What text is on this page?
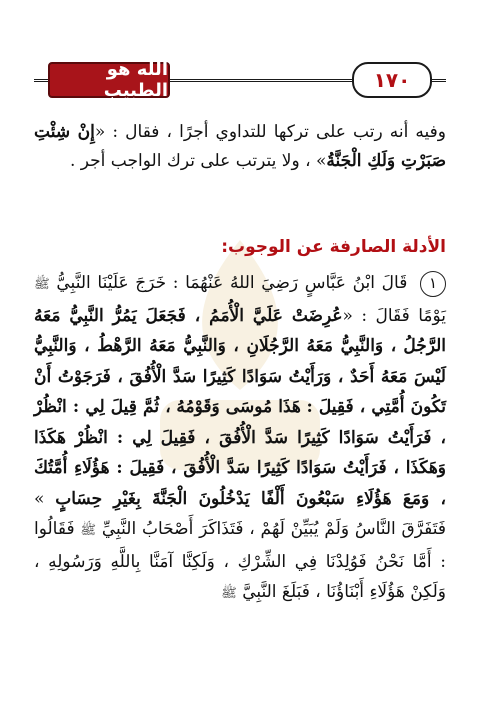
١٧٠
الله هو الطبيب

وفيه أنه رتب على تركها للتداوي أجرًا ، فقال : «إِنْ شِئْتِ صَبَرْتِ وَلَكِ الْجَنَّةُ» ، ولا يترتب على ترك الواجب أجر .

الأدلة الصارفة عن الوجوب:

١ قَالَ ابْنُ عَبَّاسٍ رَضِيَ اللهُ عَنْهُمَا : خَرَجَ عَلَيْنَا النَّبِيُّ ﷺ يَوْمًا فَقَالَ : «عُرِضَتْ عَلَيَّ الْأُمَمُ ، فَجَعَلَ يَمُرُّ النَّبِيُّ مَعَهُ الرَّجُلُ ، وَالنَّبِيُّ مَعَهُ الرَّجُلَانِ ، وَالنَّبِيُّ مَعَهُ الرَّهْطُ ، وَالنَّبِيُّ لَيْسَ مَعَهُ أَحَدٌ ، وَرَأَيْتُ سَوَادًا كَثِيرًا سَدَّ الْأُفُقَ ، فَرَجَوْتُ أَنْ تَكُونَ أُمَّتِي ، فَقِيلَ : هَذَا مُوسَى وَقَوْمُهُ ، ثُمَّ قِيلَ لِي : انْظُرْ ، فَرَأَيْتُ سَوَادًا كَثِيرًا سَدَّ الْأُفُقَ ، فَقِيلَ لِي : انْظُرْ هَكَذَا وَهَكَذَا ، فَرَأَيْتُ سَوَادًا كَثِيرًا سَدَّ الْأُفُقَ ، فَقِيلَ : هَؤُلَاءِ أُمَّتُكَ ، وَمَعَ هَؤُلَاءِ سَبْعُونَ أَلْفًا يَدْخُلُونَ الْجَنَّةَ بِغَيْرِ حِسَابٍ » فَتَفَرَّقَ النَّاسُ وَلَمْ يُبَيِّنْ لَهُمْ ، فَتَذَاكَرَ أَصْحَابُ النَّبِيِّ ﷺ فَقَالُوا : أَمَّا نَحْنُ فَوُلِدْنَا فِي الشِّرْكِ ، وَلَكِنَّا آمَنَّا بِاللَّهِ وَرَسُولِهِ ، وَلَكِنْ هَؤُلَاءِ أَبْنَاؤُنَا ، فَبَلَغَ النَّبِيَّ ﷺ
